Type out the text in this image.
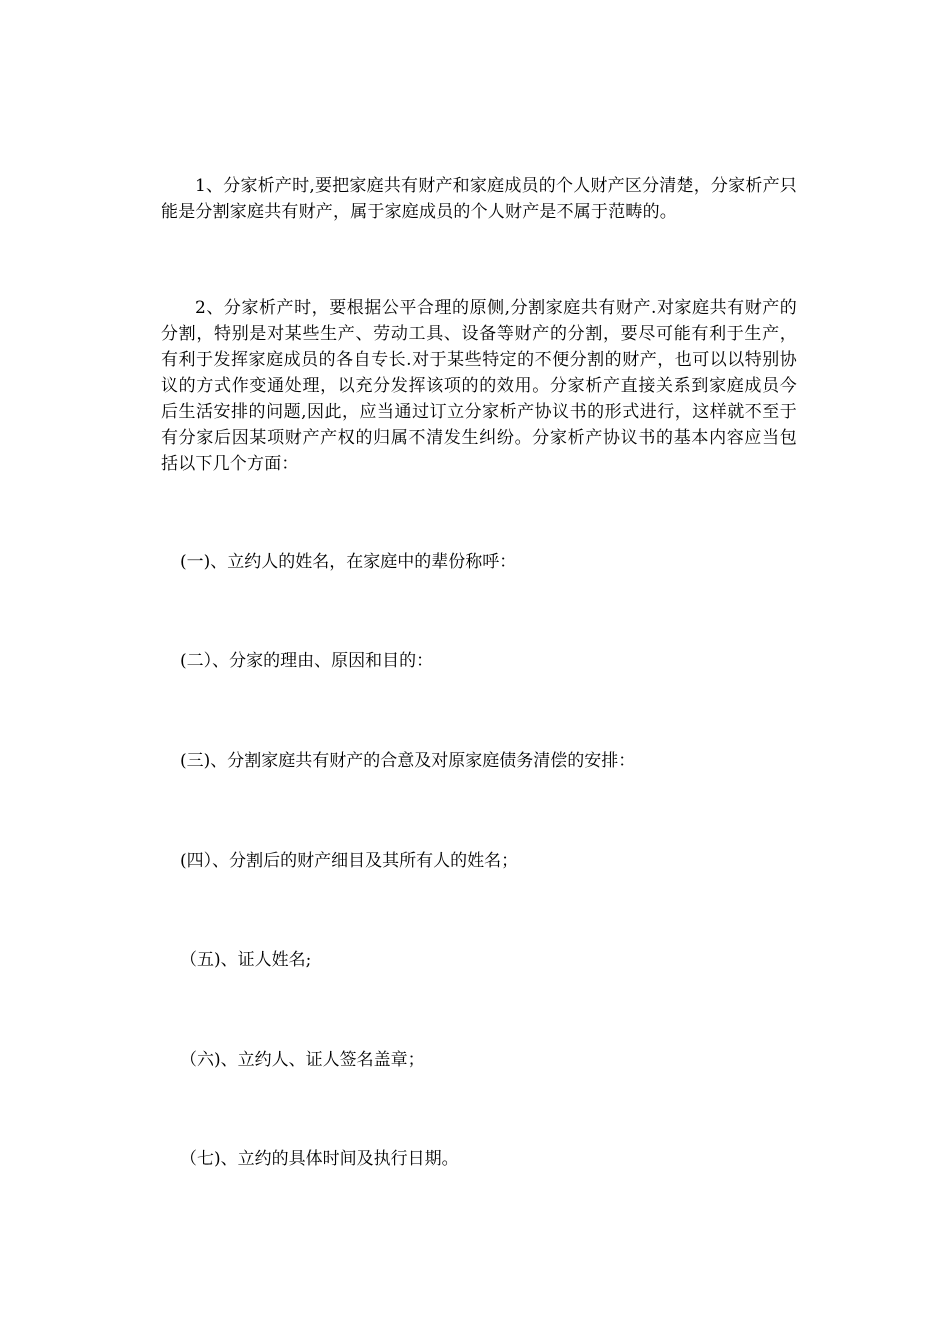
1、分家析产时,要把家庭共有财产和家庭成员的个人财产区分清楚，分家析产只能是分割家庭共有财产，属于家庭成员的个人财产是不属于范畴的。

2、分家析产时，要根据公平合理的原侧,分割家庭共有财产.对家庭共有财产的分割，特别是对某些生产、劳动工具、设备等财产的分割，要尽可能有利于生产，有利于发挥家庭成员的各自专长.对于某些特定的不便分割的财产，也可以以特别协议的方式作变通处理，以充分发挥该项的的效用。分家析产直接关系到家庭成员今后生活安排的问题,因此，应当通过订立分家析产协议书的形式进行，这样就不至于有分家后因某项财产产权的归属不清发生纠纷。分家析产协议书的基本内容应当包括以下几个方面：

(一)、立约人的姓名，在家庭中的辈份称呼：

(二）、分家的理由、原因和目的：

(三)、分割家庭共有财产的合意及对原家庭债务清偿的安排：

(四）、分割后的财产细目及其所有人的姓名；

（五)、证人姓名;

（六)、立约人、证人签名盖章；

（七)、立约的具体时间及执行日期。
